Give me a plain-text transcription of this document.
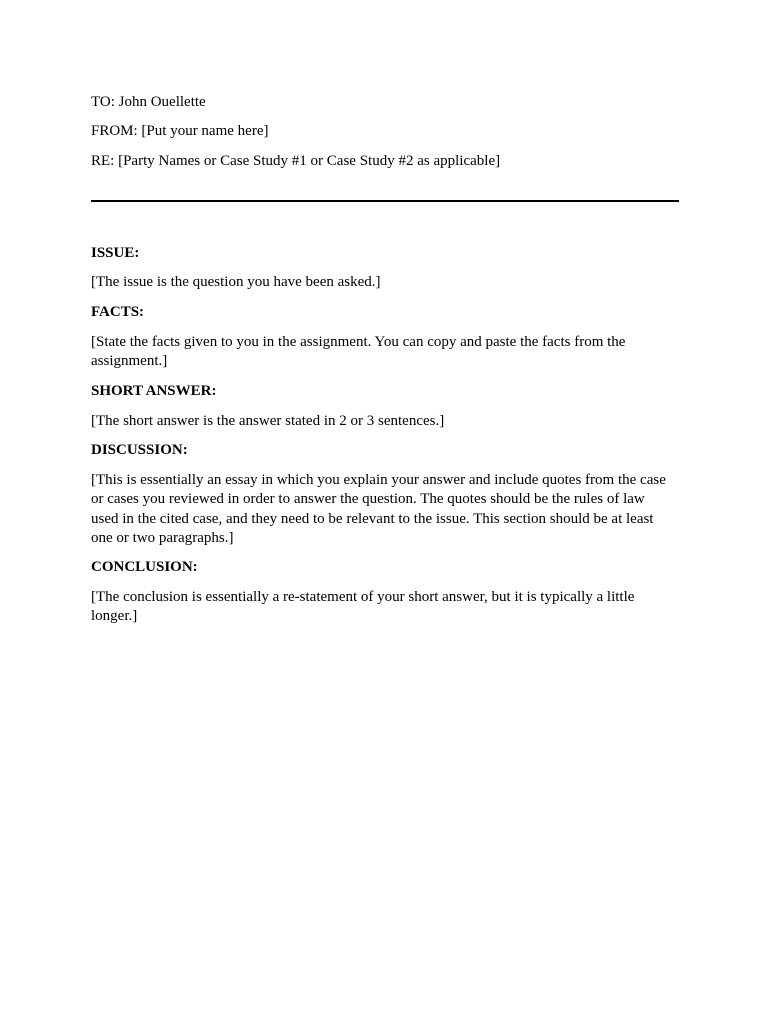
TO: John Ouellette

FROM: [Put your name here]

RE: [Party Names or Case Study #1 or Case Study #2 as applicable]

ISSUE:

[The issue is the question you have been asked.]

FACTS:

[State the facts given to you in the assignment. You can copy and paste the facts from the

assignment.]

SHORT ANSWER:

[The short answer is the answer stated in 2 or 3 sentences.]

DISCUSSION:

[This is essentially an essay in which you explain your answer and include quotes from the case

or cases you reviewed in order to answer the question. The quotes should be the rules of law

used in the cited case, and they need to be relevant to the issue. This section should be at least

one or two paragraphs.]

CONCLUSION:

[The conclusion is essentially a re-statement of your short answer, but it is typically a little

longer.]
